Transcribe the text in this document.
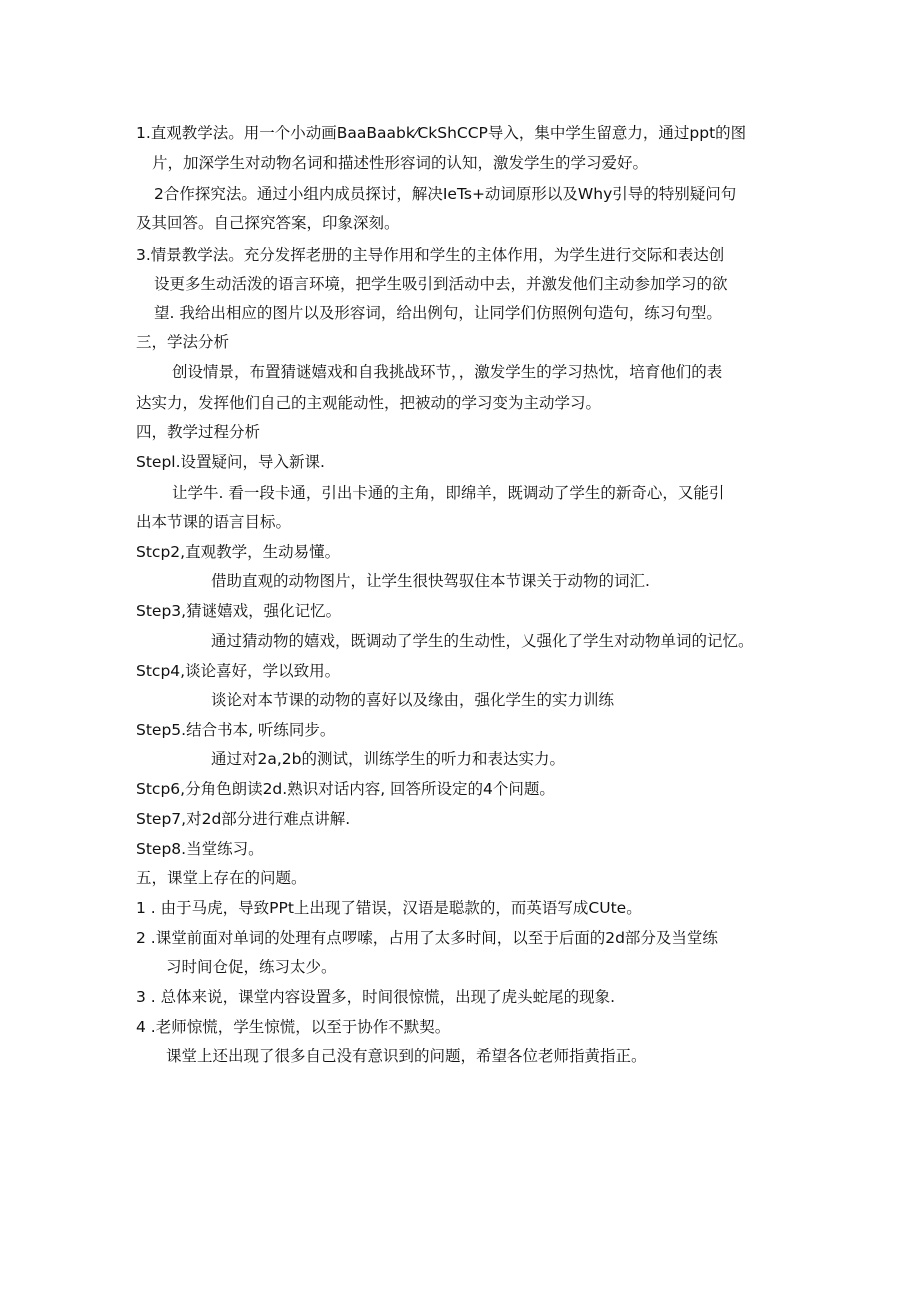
1.直观教学法。用一个小动画BaaBaabk⁄CkShCCP导入，集中学生留意力，通过ppt的图
片，加深学生对动物名词和描述性形容词的认知，激发学生的学习爱好。
2合作探究法。通过小组内成员探讨，解决IeTs+动词原形以及Why引导的特别疑问句
及其回答。自己探究答案，印象深刻。
3.情景教学法。充分发挥老册的主导作用和学生的主体作用，为学生进行交际和表达创
设更多生动活泼的语言环境，把学生吸引到活动中去，并激发他们主动参加学习的欲
望. 我给出相应的图片以及形容词，给出例句，让同学们仿照例句造句，练习句型。
三，学法分析
创设情景，布置猜谜嬉戏和自我挑战环节，，激发学生的学习热忱，培育他们的表
达实力，发挥他们自己的主观能动性，把被动的学习变为主动学习。
四，教学过程分析
Stepl.设置疑问，导入新课.
让学牛. 看一段卡通，引出卡通的主角，即绵羊，既调动了学生的新奇心，又能引
出本节课的语言目标。
Stcp2,直观教学，生动易懂。
借助直观的动物图片，让学生很快驾驭住本节课关于动物的词汇.
Step3,猜谜嬉戏，强化记忆。
通过猜动物的嬉戏，既调动了学生的生动性，乂强化了学生对动物单词的记忆。
Stcp4,谈论喜好，学以致用。
谈论对本节课的动物的喜好以及缘由，强化学生的实力训练
Step5.结合书本, 听练同步。
通过对2a,2b的测试，训练学生的听力和表达实力。
Stcp6,分角色朗读2d.熟识对话内容, 回答所设定的4个问题。
Step7,对2d部分进行难点讲解.
Step8.当堂练习。
五，课堂上存在的问题。
1 . 由于马虎，导致PPt上出现了错误，汉语是聪款的，而英语写成CUte。
2 .课堂前面对单词的处理有点啰嗦，占用了太多时间，以至于后面的2d部分及当堂练
习时间仓促，练习太少。
3 . 总体来说，课堂内容设置多，时间很惊慌，出现了虎头蛇尾的现象.
4 .老师惊慌，学生惊慌，以至于协作不默契。
课堂上还出现了很多自己没有意识到的问题，希望各位老师指黄指正。
